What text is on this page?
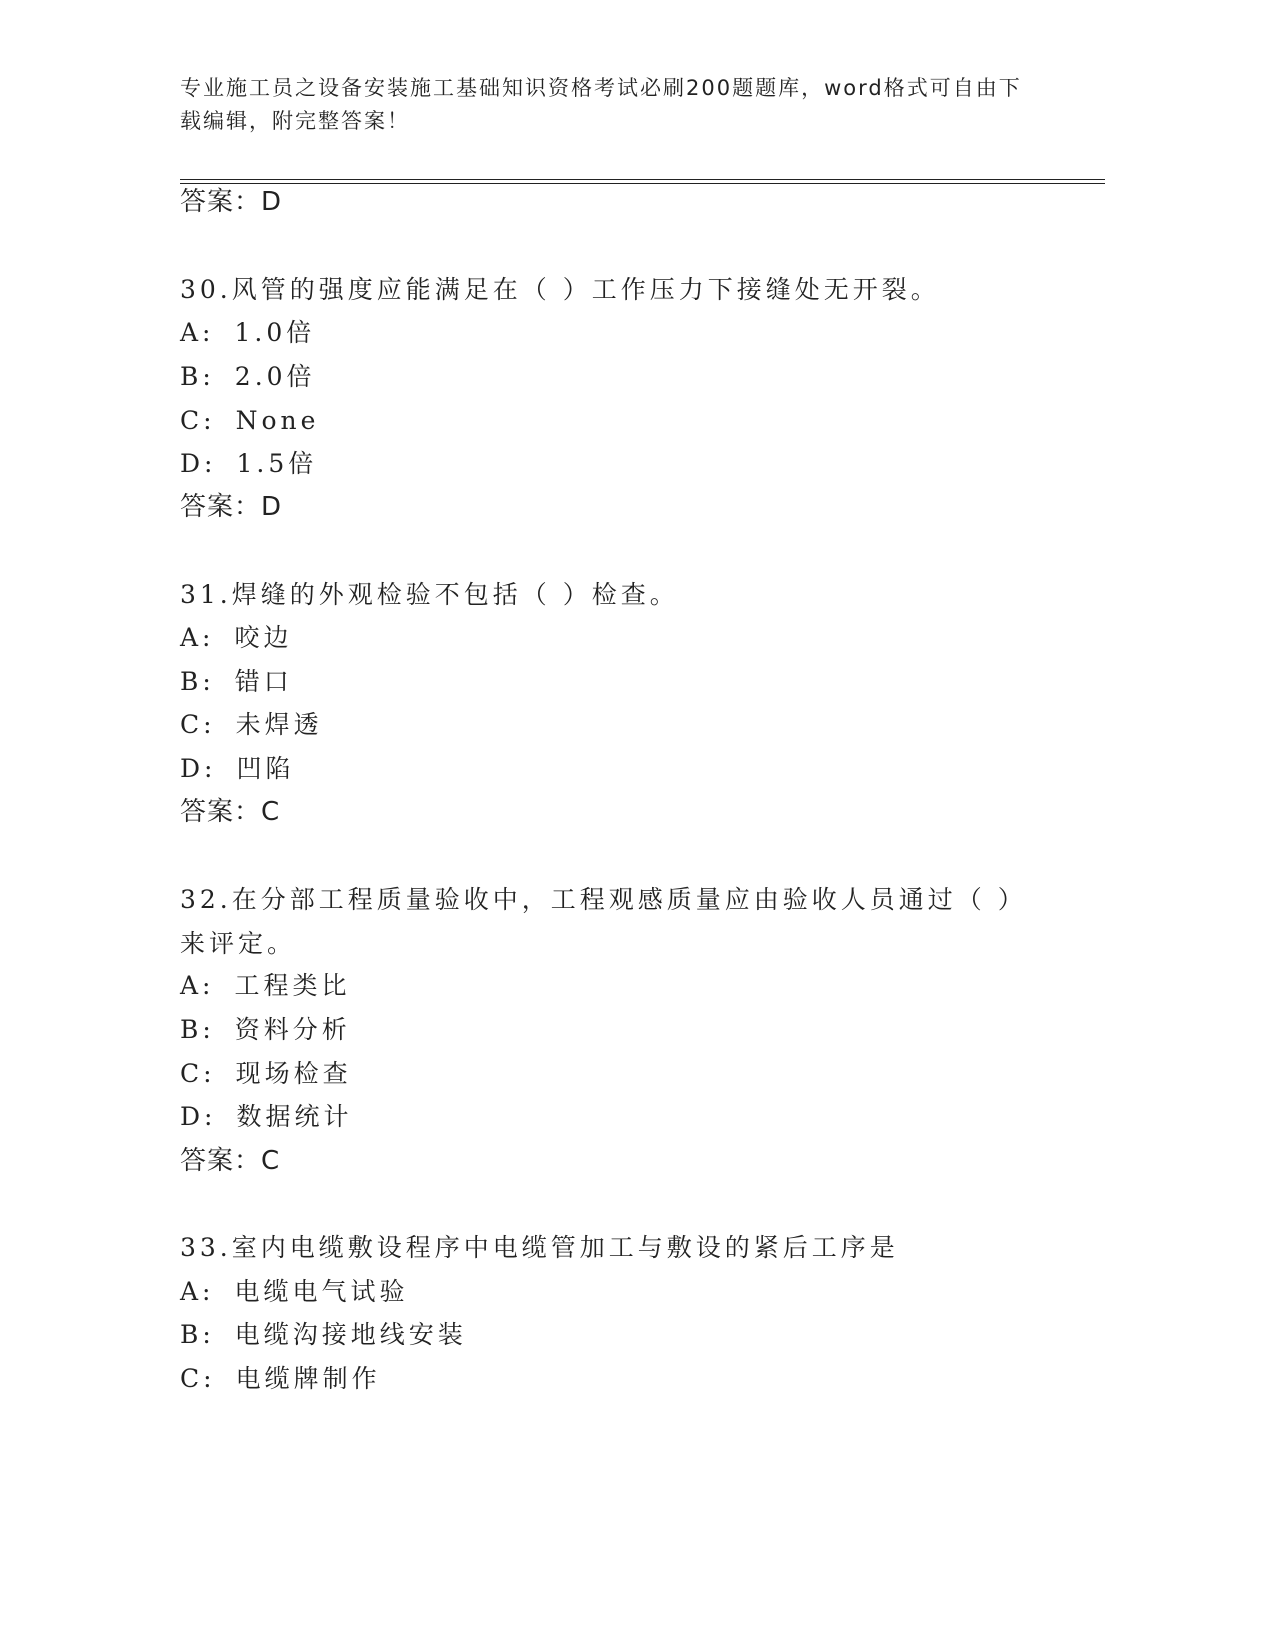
专业施工员之设备安装施工基础知识资格考试必刷200题题库，word格式可自由下载编辑，附完整答案！
答案：D
30.风管的强度应能满足在（ ）工作压力下接缝处无开裂。
A: 1.0倍
B: 2.0倍
C: None
D: 1.5倍
答案：D
31.焊缝的外观检验不包括（ ）检查。
A: 咬边
B: 错口
C: 未焊透
D: 凹陷
答案：C
32.在分部工程质量验收中，工程观感质量应由验收人员通过（ ）来评定。
A: 工程类比
B: 资料分析
C: 现场检查
D: 数据统计
答案：C
33.室内电缆敷设程序中电缆管加工与敷设的紧后工序是
A: 电缆电气试验
B: 电缆沟接地线安装
C: 电缆牌制作
